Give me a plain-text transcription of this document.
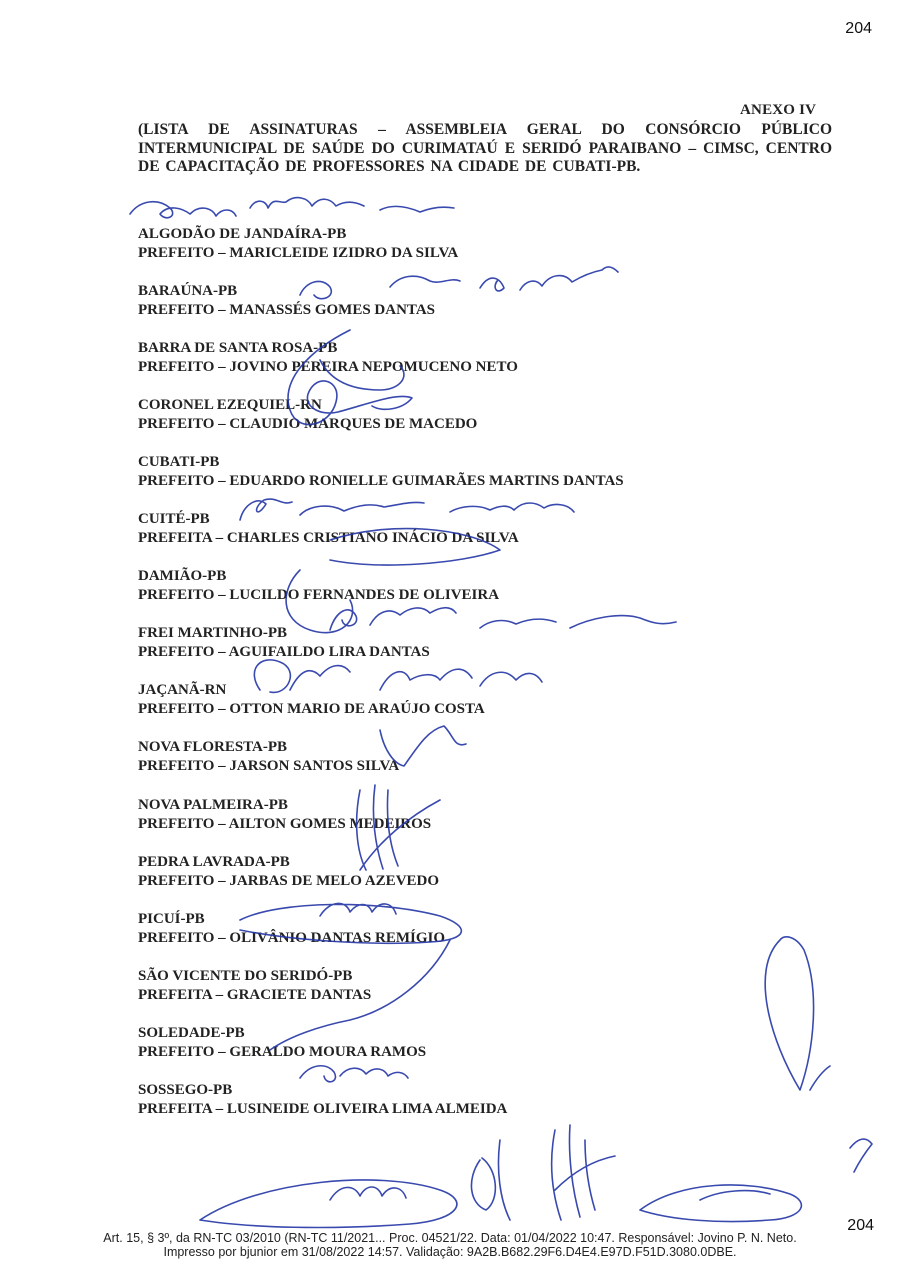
204
ANEXO IV
(LISTA DE ASSINATURAS – ASSEMBLEIA GERAL DO CONSÓRCIO PÚBLICO INTERMUNICIPAL DE SAÚDE DO CURIMATAÚ E SERIDÓ PARAIBANO – CIMSC, CENTRO DE CAPACITAÇÃO DE PROFESSORES NA CIDADE DE CUBATI-PB.
ALGODÃO DE JANDAÍRA-PB
PREFEITO – MARICLEIDE IZIDRO DA SILVA
BARAÚNA-PB
PREFEITO – MANASSÉS GOMES DANTAS
BARRA DE SANTA ROSA-PB
PREFEITO – JOVINO PEREIRA NEPOMUCENO NETO
CORONEL EZEQUIEL-RN
PREFEITO – CLAUDIO MARQUES DE MACEDO
CUBATI-PB
PREFEITO – EDUARDO RONIELLE GUIMARÃES MARTINS DANTAS
CUITÉ-PB
PREFEITA – CHARLES CRISTIANO INÁCIO DA SILVA
DAMIÃO-PB
PREFEITO – LUCILDO FERNANDES DE OLIVEIRA
FREI MARTINHO-PB
PREFEITO – AGUIFAILDO LIRA DANTAS
JAÇANÃ-RN
PREFEITO – OTTON MARIO DE ARAÚJO COSTA
NOVA FLORESTA-PB
PREFEITO – JARSON SANTOS SILVA
NOVA PALMEIRA-PB
PREFEITO – AILTON GOMES MEDEIROS
PEDRA LAVRADA-PB
PREFEITO – JARBAS DE MELO AZEVEDO
PICUÍ-PB
PREFEITO – OLIVÂNIO DANTAS REMÍGIO
SÃO VICENTE DO SERIDÓ-PB
PREFEITA – GRACIETE DANTAS
SOLEDADE-PB
PREFEITO – GERALDO MOURA RAMOS
SOSSEGO-PB
PREFEITA – LUSINEIDE OLIVEIRA LIMA ALMEIDA
204
Art. 15, § 3º, da RN-TC 03/2010 (RN-TC 11/2021... Proc. 04521/22. Data: 01/04/2022 10:47. Responsável: Jovino P. N. Neto.
Impresso por bjunior em 31/08/2022 14:57. Validação: 9A2B.B682.29F6.D4E4.E97D.F51D.3080.0DBE.
